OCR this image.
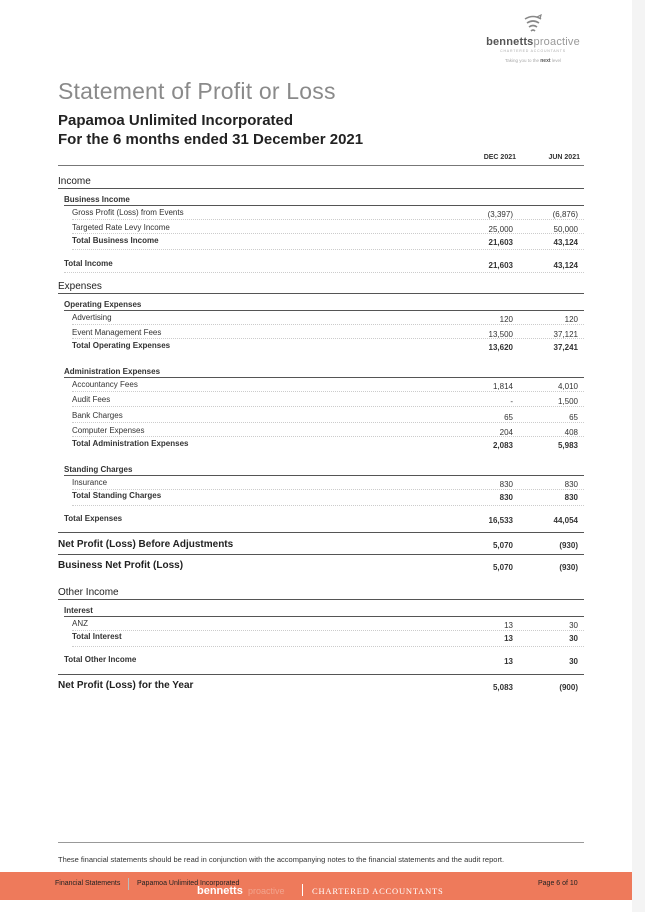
bennettsproactive
CHARTERED ACCOUNTANTS
Taking you to the next level
Statement of Profit or Loss
Papamoa Unlimited Incorporated
For the 6 months ended 31 December 2021
DEC 2021	JUN 2021
Income
Business Income
Gross Profit (Loss) from Events	(3,397)	(6,876)
Targeted Rate Levy Income	25,000	50,000
Total Business Income	21,603	43,124
Total Income	21,603	43,124
Expenses
Operating Expenses
Advertising	120	120
Event Management Fees	13,500	37,121
Total Operating Expenses	13,620	37,241
Administration Expenses
Accountancy Fees	1,814	4,010
Audit Fees	-	1,500
Bank Charges	65	65
Computer Expenses	204	408
Total Administration Expenses	2,083	5,983
Standing Charges
Insurance	830	830
Total Standing Charges	830	830
Total Expenses	16,533	44,054
Net Profit (Loss) Before Adjustments	5,070	(930)
Business Net Profit (Loss)	5,070	(930)
Other Income
Interest
ANZ	13	30
Total Interest	13	30
Total Other Income	13	30
Net Profit (Loss) for the Year	5,083	(900)
These financial statements should be read in conjunction with the accompanying notes to the financial statements and the audit report.
Financial Statements Papamoa Unlimited Incorporated
bennetts proactive	CHARTERED ACCOUNTANTS
Page 6 of 10
